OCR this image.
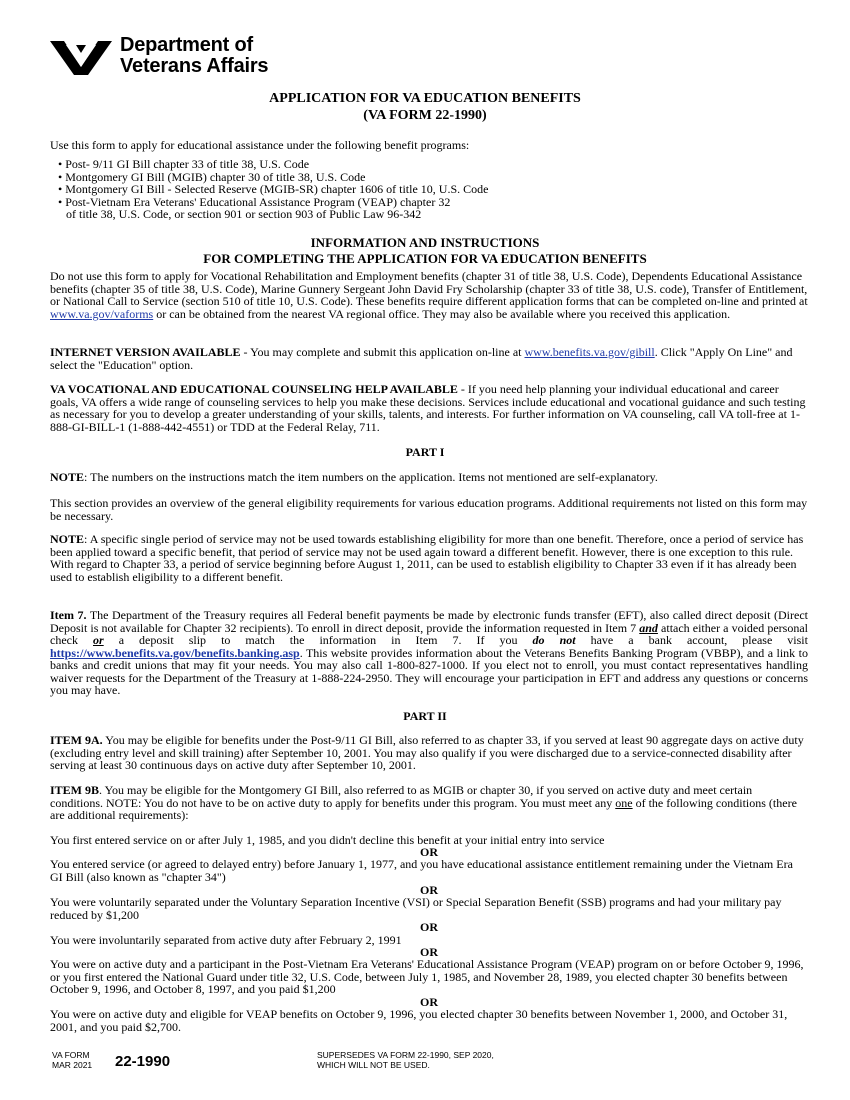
Department of
Veterans Affairs
APPLICATION FOR VA EDUCATION BENEFITS
(VA FORM 22-1990)
Use this form to apply for educational assistance under the following benefit programs:
• Post- 9/11 GI Bill chapter 33 of title 38, U.S. Code
• Montgomery GI Bill (MGIB) chapter 30 of title 38, U.S. Code
• Montgomery GI Bill - Selected Reserve (MGIB-SR) chapter 1606 of title 10, U.S. Code
• Post-Vietnam Era Veterans' Educational Assistance Program (VEAP) chapter 32
of title 38, U.S. Code, or section 901 or section 903 of Public Law 96-342
INFORMATION AND INSTRUCTIONS
FOR COMPLETING THE APPLICATION FOR VA EDUCATION BENEFITS

Do not use this form to apply for Vocational Rehabilitation and Employment benefits (chapter 31 of title 38, U.S. Code), Dependents Educational Assistance benefits (chapter 35 of title 38, U.S. Code), Marine Gunnery Sergeant John David Fry Scholarship (chapter 33 of title 38, U.S. code), Transfer of Entitlement, or National Call to Service (section 510 of title 10, U.S. Code). These benefits require different application forms that can be completed on-line and printed at www.va.gov/vaforms or can be obtained from the nearest VA regional office. They may also be available where you received this application.

INTERNET VERSION AVAILABLE - You may complete and submit this application on-line at www.benefits.va.gov/gibill. Click "Apply On Line" and select the "Education" option.

VA VOCATIONAL AND EDUCATIONAL COUNSELING HELP AVAILABLE - If you need help planning your individual educational and career goals, VA offers a wide range of counseling services to help you make these decisions. Services include educational and vocational guidance and such testing as necessary for you to develop a greater understanding of your skills, talents, and interests. For further information on VA counseling, call VA toll-free at 1-888-GI-BILL-1 (1-888-442-4551) or TDD at the Federal Relay, 711.

PART I

NOTE: The numbers on the instructions match the item numbers on the application. Items not mentioned are self-explanatory.

This section provides an overview of the general eligibility requirements for various education programs. Additional requirements not listed on this form may be necessary.

NOTE: A specific single period of service may not be used towards establishing eligibility for more than one benefit. Therefore, once a period of service has been applied toward a specific benefit, that period of service may not be used again toward a different benefit. However, there is one exception to this rule. With regard to Chapter 33, a period of service beginning before August 1, 2011, can be used to establish eligibility to Chapter 33 even if it has already been used to establish eligibility to a different benefit.

Item 7. The Department of the Treasury requires all Federal benefit payments be made by electronic funds transfer (EFT), also called direct deposit (Direct Deposit is not available for Chapter 32 recipients). To enroll in direct deposit, provide the information requested in Item 7 and attach either a voided personal check or a deposit slip to match the information in Item 7. If you do not have a bank account, please visit https://www.benefits.va.gov/benefits.banking.asp. This website provides information about the Veterans Benefits Banking Program (VBBP), and a link to banks and credit unions that may fit your needs. You may also call 1-800-827-1000. If you elect not to enroll, you must contact representatives handling waiver requests for the Department of the Treasury at 1-888-224-2950. They will encourage your participation in EFT and address any questions or concerns you may have.

PART II

ITEM 9A. You may be eligible for benefits under the Post-9/11 GI Bill, also referred to as chapter 33, if you served at least 90 aggregate days on active duty (excluding entry level and skill training) after September 10, 2001. You may also qualify if you were discharged due to a service-connected disability after serving at least 30 continuous days on active duty after September 10, 2001.

ITEM 9B. You may be eligible for the Montgomery GI Bill, also referred to as MGIB or chapter 30, if you served on active duty and meet certain conditions. NOTE: You do not have to be on active duty to apply for benefits under this program. You must meet any one of the following conditions (there are additional requirements):

You first entered service on or after July 1, 1985, and you didn't decline this benefit at your initial entry into service
OR
You entered service (or agreed to delayed entry) before January 1, 1977, and you have educational assistance entitlement remaining under the Vietnam Era GI Bill (also known as "chapter 34")
OR
You were voluntarily separated under the Voluntary Separation Incentive (VSI) or Special Separation Benefit (SSB) programs and had your military pay reduced by $1,200
OR
You were involuntarily separated from active duty after February 2, 1991
OR
You were on active duty and a participant in the Post-Vietnam Era Veterans' Educational Assistance Program (VEAP) program on or before October 9, 1996, or you first entered the National Guard under title 32, U.S. Code, between July 1, 1985, and November 28, 1989, you elected chapter 30 benefits between October 9, 1996, and October 8, 1997, and you paid $1,200
OR
You were on active duty and eligible for VEAP benefits on October 9, 1996, you elected chapter 30 benefits between November 1, 2000, and October 31, 2001, and you paid $2,700.
VA FORM
MAR 2021 22-1990	SUPERSEDES VA FORM 22-1990, SEP 2020,
WHICH WILL NOT BE USED.
